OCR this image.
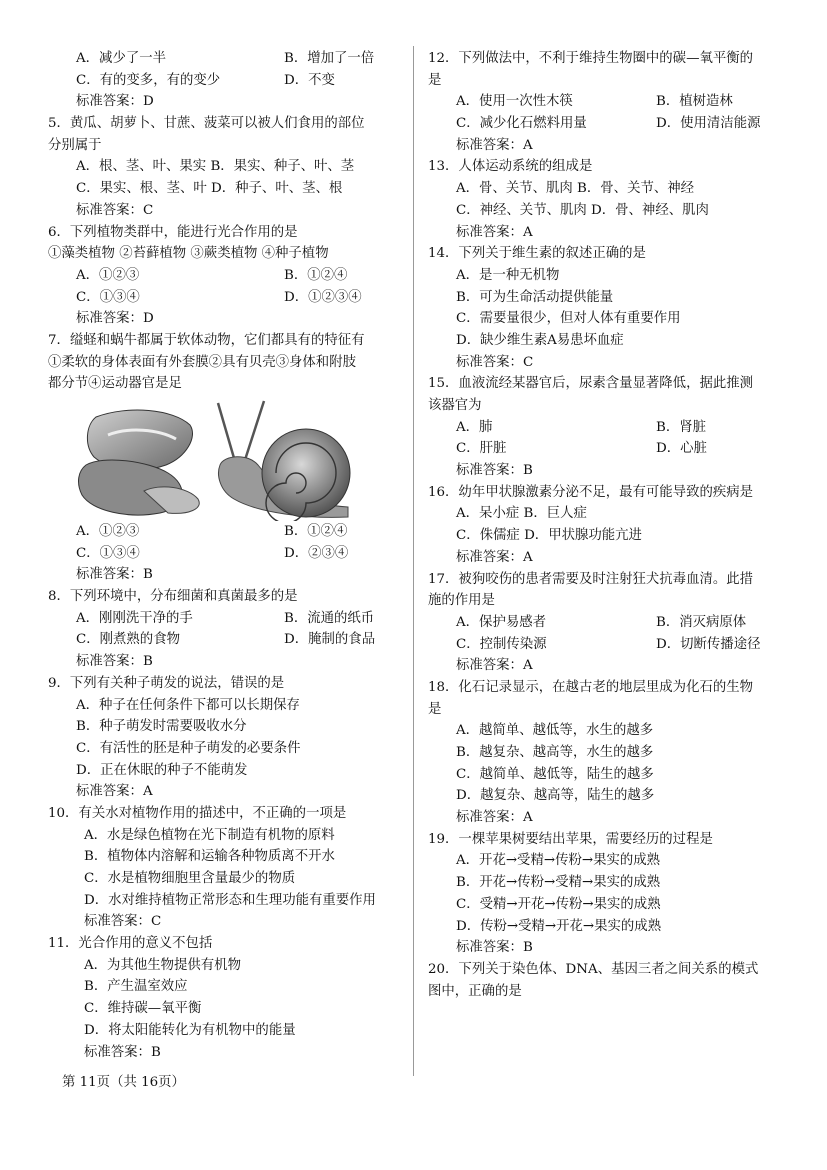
A．减少了一半	B．增加了一倍
C．有的变多，有的变少	D．不变
标准答案：D
5．黄瓜、胡萝卜、甘蔗、菠菜可以被人们食用的部位
分别属于
A．根、茎、叶、果实 B．果实、种子、叶、茎
C．果实、根、茎、叶 D．种子、叶、茎、根
标准答案：C
6．下列植物类群中，能进行光合作用的是
①藻类植物 ②苔藓植物 ③蕨类植物 ④种子植物
A．①②③	B．①②④
C．①③④	D．①②③④
标准答案：D
7．缢蛏和蜗牛都属于软体动物，它们都具有的特征有
①柔软的身体表面有外套膜②具有贝壳③身体和附肢
都分节④运动器官是足
A．①②③	B．①②④
C．①③④	D．②③④
标准答案：B
8．下列环境中，分布细菌和真菌最多的是
A．刚刚洗干净的手	B．流通的纸币
C．刚煮熟的食物	D．腌制的食品
标准答案：B
9．下列有关种子萌发的说法，错误的是
A．种子在任何条件下都可以长期保存
B．种子萌发时需要吸收水分
C．有活性的胚是种子萌发的必要条件
D．正在休眠的种子不能萌发
标准答案：A
10．有关水对植物作用的描述中，不正确的一项是
A．水是绿色植物在光下制造有机物的原料
B．植物体内溶解和运输各种物质离不开水
C．水是植物细胞里含量最少的物质
D．水对维持植物正常形态和生理功能有重要作用
标准答案：C
11．光合作用的意义不包括
A．为其他生物提供有机物
B．产生温室效应
C．维持碳—氧平衡
D．将太阳能转化为有机物中的能量
标准答案：B
12．下列做法中，不利于维持生物圈中的碳—氧平衡的
是
A．使用一次性木筷	B．植树造林
C．减少化石燃料用量	D．使用清洁能源
标准答案：A
13．人体运动系统的组成是
A．骨、关节、肌肉 B．骨、关节、神经
C．神经、关节、肌肉 D．骨、神经、肌肉
标准答案：A
14．下列关于维生素的叙述正确的是
A．是一种无机物
B．可为生命活动提供能量
C．需要量很少，但对人体有重要作用
D．缺少维生素A易患坏血症
标准答案：C
15．血液流经某器官后，尿素含量显著降低，据此推测
该器官为
A．肺	B．肾脏
C．肝脏	D．心脏
标准答案：B
16．幼年甲状腺激素分泌不足，最有可能导致的疾病是
A．呆小症 B．巨人症
C．侏儒症 D．甲状腺功能亢进
标准答案：A
17．被狗咬伤的患者需要及时注射狂犬抗毒血清。此措
施的作用是
A．保护易感者	B．消灭病原体
C．控制传染源	D．切断传播途径
标准答案：A
18．化石记录显示，在越古老的地层里成为化石的生物
是
A．越简单、越低等，水生的越多
B．越复杂、越高等，水生的越多
C．越简单、越低等，陆生的越多
D．越复杂、越高等，陆生的越多
标准答案：A
19．一棵苹果树要结出苹果，需要经历的过程是
A．开花→受精→传粉→果实的成熟
B．开花→传粉→受精→果实的成熟
C．受精→开花→传粉→果实的成熟
D．传粉→受精→开花→果实的成熟
标准答案：B
20．下列关于染色体、DNA、基因三者之间关系的模式
图中，正确的是
第 11页（共 16页）
